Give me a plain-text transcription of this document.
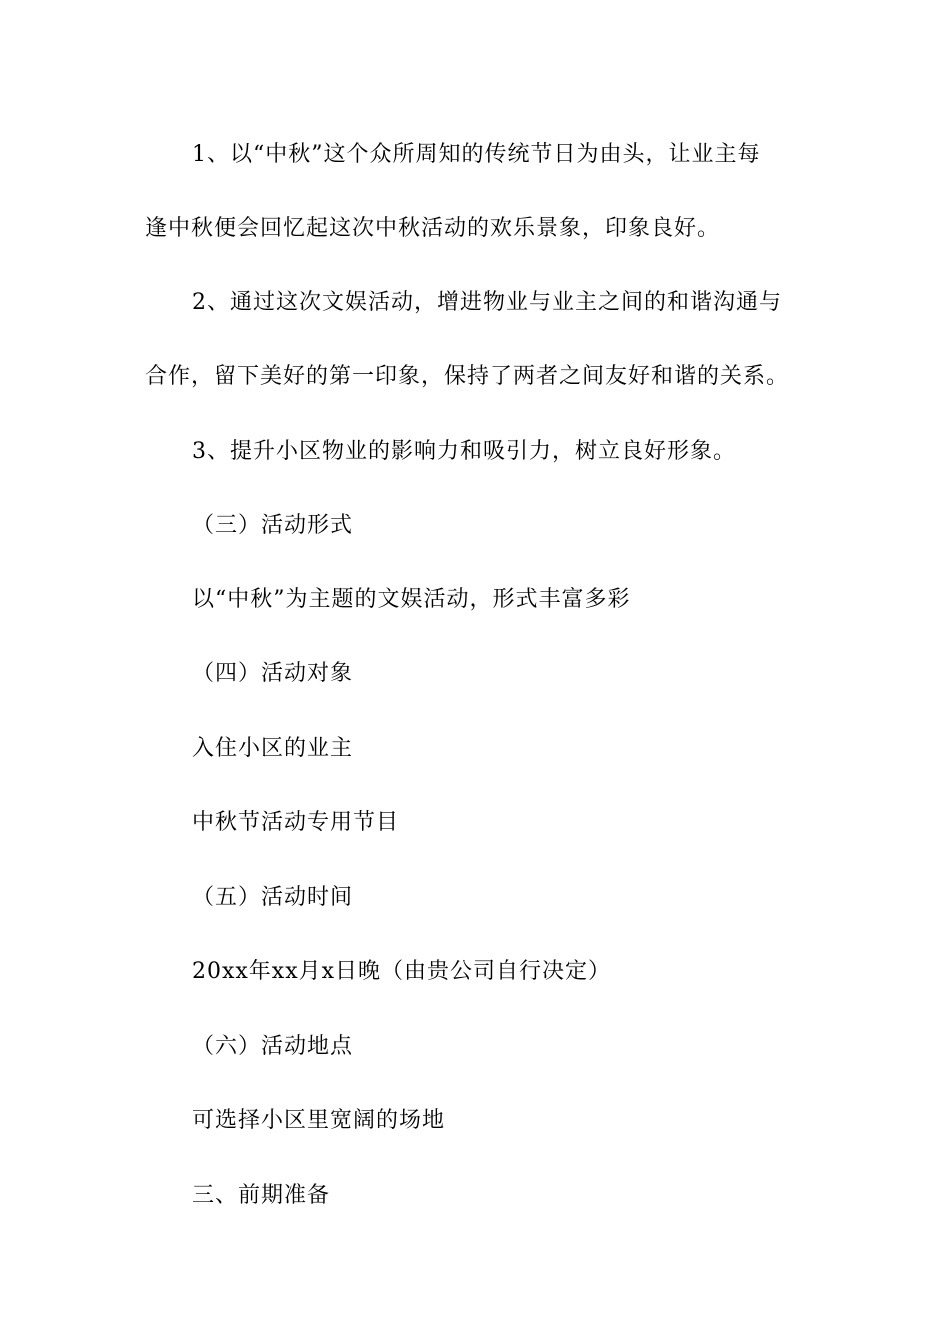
1、以“中秋”这个众所周知的传统节日为由头，让业主每
逢中秋便会回忆起这次中秋活动的欢乐景象，印象良好。
2、通过这次文娱活动，增进物业与业主之间的和谐沟通与
合作，留下美好的第一印象，保持了两者之间友好和谐的关系。
3、提升小区物业的影响力和吸引力，树立良好形象。
（三）活动形式
以“中秋”为主题的文娱活动，形式丰富多彩
（四）活动对象
入住小区的业主
中秋节活动专用节目
（五）活动时间
20xx年xx月x日晚（由贵公司自行决定）
（六）活动地点
可选择小区里宽阔的场地
三、前期准备
